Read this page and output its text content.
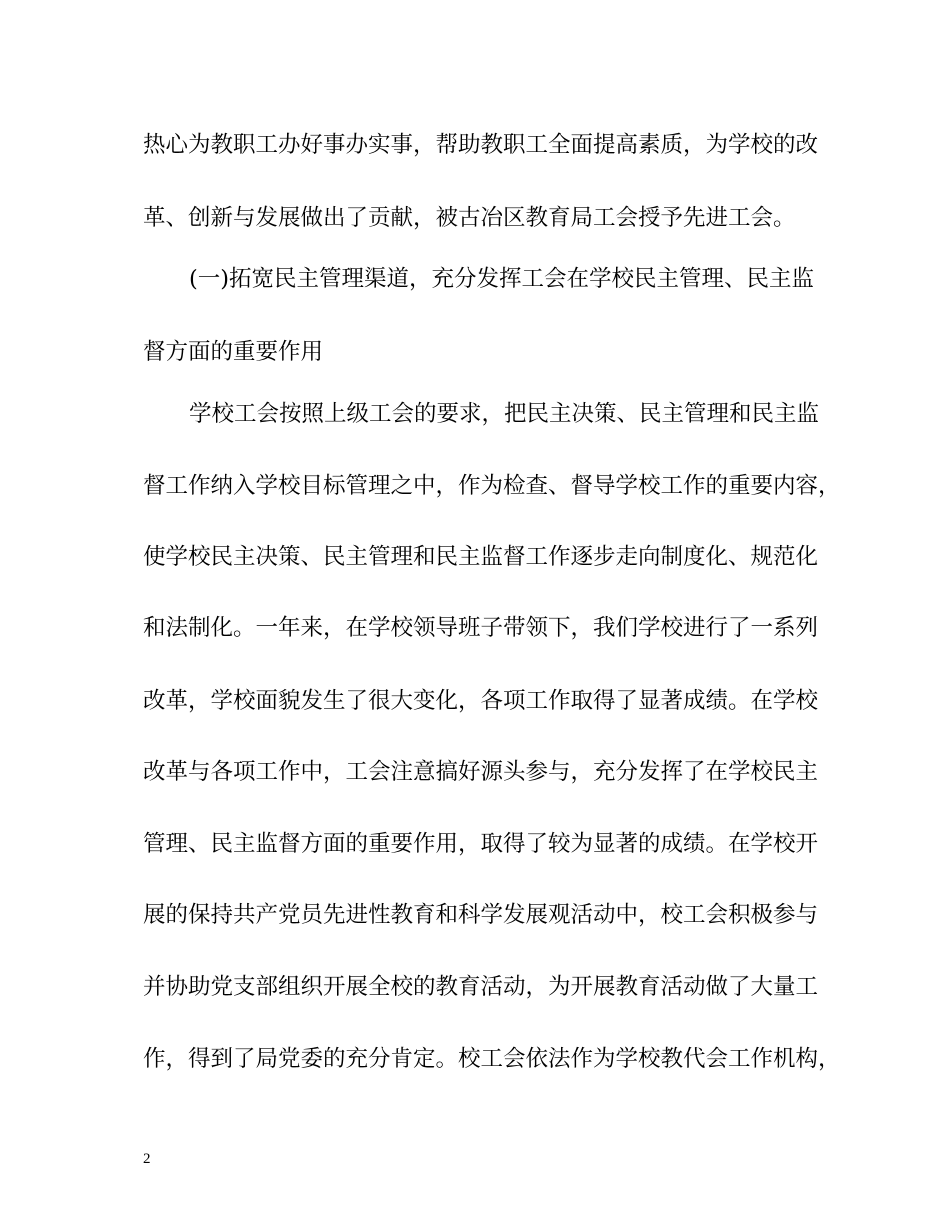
热心为教职工办好事办实事，帮助教职工全面提高素质，为学校的改
革、创新与发展做出了贡献，被古冶区教育局工会授予先进工会。
(一)拓宽民主管理渠道，充分发挥工会在学校民主管理、民主监
督方面的重要作用
学校工会按照上级工会的要求，把民主决策、民主管理和民主监
督工作纳入学校目标管理之中，作为检查、督导学校工作的重要内容，
使学校民主决策、民主管理和民主监督工作逐步走向制度化、规范化
和法制化。一年来，在学校领导班子带领下，我们学校进行了一系列
改革，学校面貌发生了很大变化，各项工作取得了显著成绩。在学校
改革与各项工作中，工会注意搞好源头参与，充分发挥了在学校民主
管理、民主监督方面的重要作用，取得了较为显著的成绩。在学校开
展的保持共产党员先进性教育和科学发展观活动中，校工会积极参与
并协助党支部组织开展全校的教育活动，为开展教育活动做了大量工
作，得到了局党委的充分肯定。校工会依法作为学校教代会工作机构，
2
